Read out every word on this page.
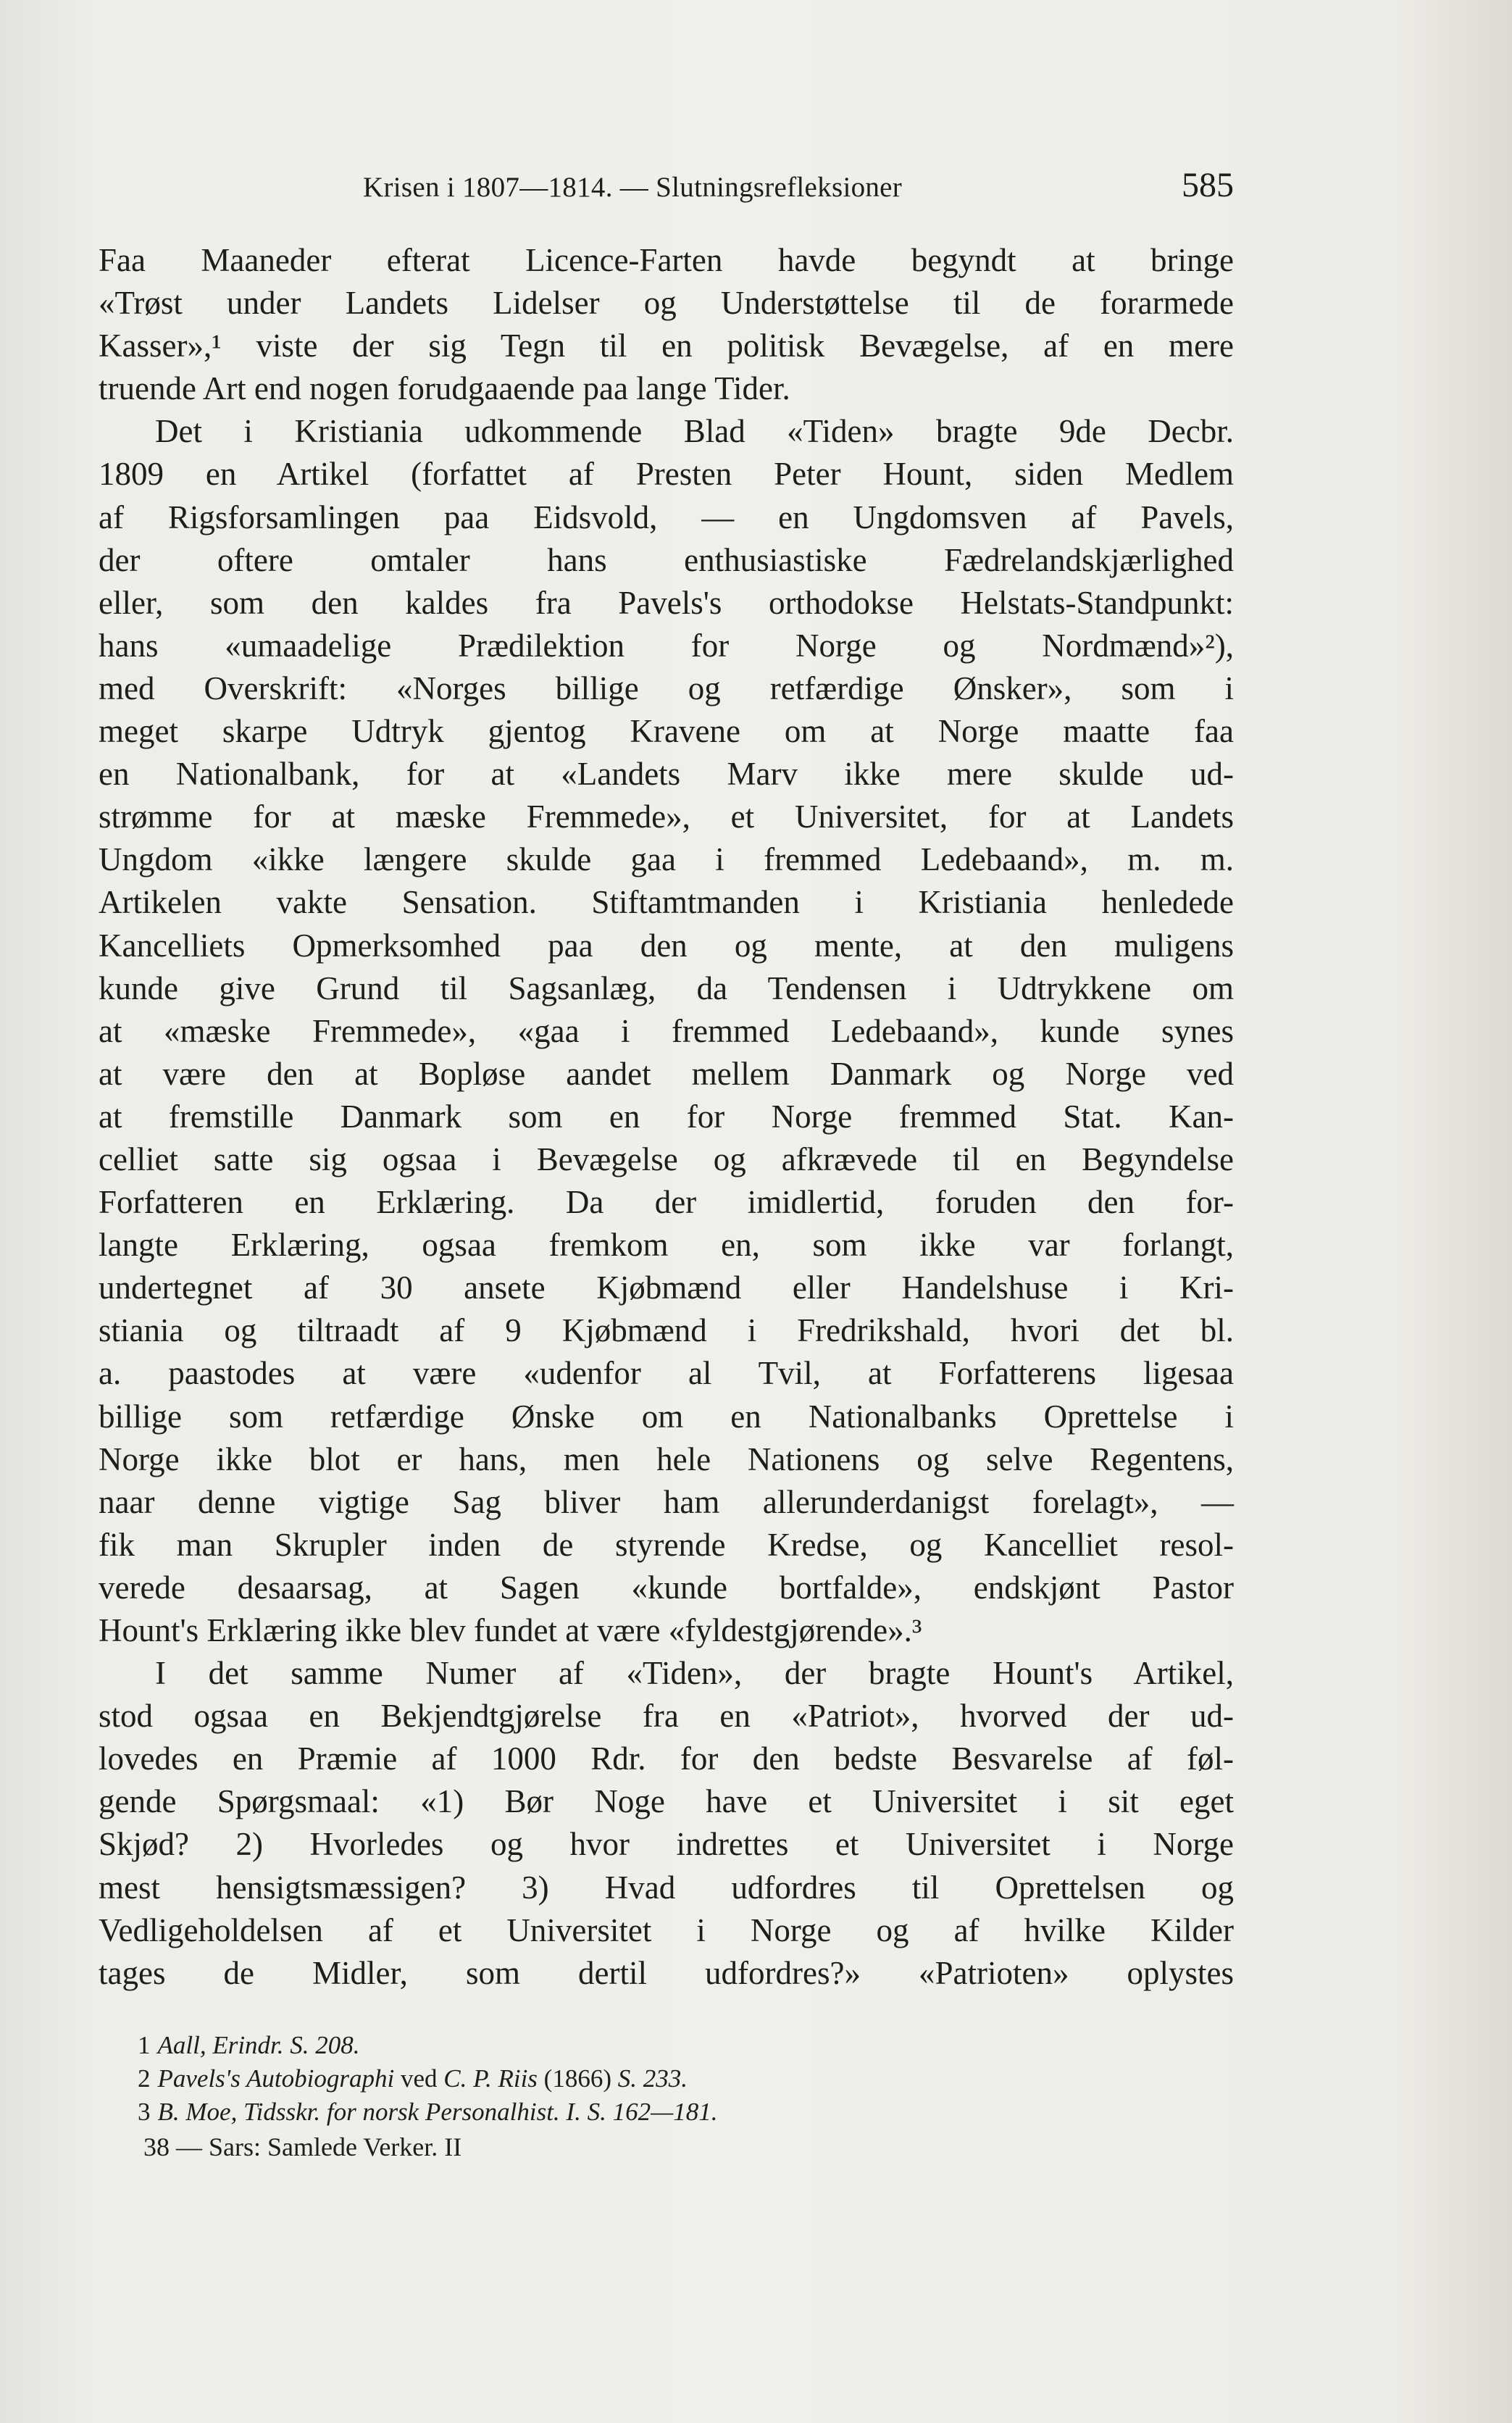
Krisen i 1807—1814. — Slutningsrefleksioner	585
Faa Maaneder efterat Licence-Farten havde begyndt at bringe
«Trøst under Landets Lidelser og Understøttelse til de forarmede
Kasser»,¹ viste der sig Tegn til en politisk Bevægelse, af en mere
truende Art end nogen forudgaaende paa lange Tider.
Det i Kristiania udkommende Blad «Tiden» bragte 9de Decbr.
1809 en Artikel (forfattet af Presten Peter Hount, siden Medlem
af Rigsforsamlingen paa Eidsvold, — en Ungdomsven af Pavels,
der oftere omtaler hans enthusiastiske Fædrelandskjærlighed
eller, som den kaldes fra Pavels's orthodokse Helstats-Standpunkt:
hans «umaadelige Prædilektion for Norge og Nordmænd»²),
med Overskrift: «Norges billige og retfærdige Ønsker», som i
meget skarpe Udtryk gjentog Kravene om at Norge maatte faa
en Nationalbank, for at «Landets Marv ikke mere skulde ud-
strømme for at mæske Fremmede», et Universitet, for at Landets
Ungdom «ikke længere skulde gaa i fremmed Ledebaand», m. m.
Artikelen vakte Sensation. Stiftamtmanden i Kristiania henledede
Kancelliets Opmerksomhed paa den og mente, at den muligens
kunde give Grund til Sagsanlæg, da Tendensen i Udtrykkene om
at «mæske Fremmede», «gaa i fremmed Ledebaand», kunde synes
at være den at Bopløse aandet mellem Danmark og Norge ved
at fremstille Danmark som en for Norge fremmed Stat. Kan-
celliet satte sig ogsaa i Bevægelse og afkrævede til en Begyndelse
Forfatteren en Erklæring. Da der imidlertid, foruden den for-
langte Erklæring, ogsaa fremkom en, som ikke var forlangt,
undertegnet af 30 ansete Kjøbmænd eller Handelshuse i Kri-
stiania og tiltraadt af 9 Kjøbmænd i Fredrikshald, hvori det bl.
a. paastodes at være «udenfor al Tvil, at Forfatterens ligesaa
billige som retfærdige Ønske om en Nationalbanks Oprettelse i
Norge ikke blot er hans, men hele Nationens og selve Regentens,
naar denne vigtige Sag bliver ham allerunderdanigst forelagt», —
fik man Skrupler inden de styrende Kredse, og Kancelliet resol-
verede desaarsag, at Sagen «kunde bortfalde», endskjønt Pastor
Hount's Erklæring ikke blev fundet at være «fyldestgjørende».³
I det samme Numer af «Tiden», der bragte Hount's Artikel,
stod ogsaa en Bekjendtgjørelse fra en «Patriot», hvorved der ud-
lovedes en Præmie af 1000 Rdr. for den bedste Besvarelse af føl-
gende Spørgsmaal: «1) Bør Noge have et Universitet i sit eget
Skjød? 2) Hvorledes og hvor indrettes et Universitet i Norge
mest hensigtsmæssigen? 3) Hvad udfordres til Oprettelsen og
Vedligeholdelsen af et Universitet i Norge og af hvilke Kilder
tages de Midler, som dertil udfordres?» «Patrioten» oplystes
1 Aall, Erindr. S. 208.
2 Pavels's Autobiographi ved C. P. Riis (1866) S. 233.
3 B. Moe, Tidsskr. for norsk Personalhist. I. S. 162—181.
38 — Sars: Samlede Verker. II
